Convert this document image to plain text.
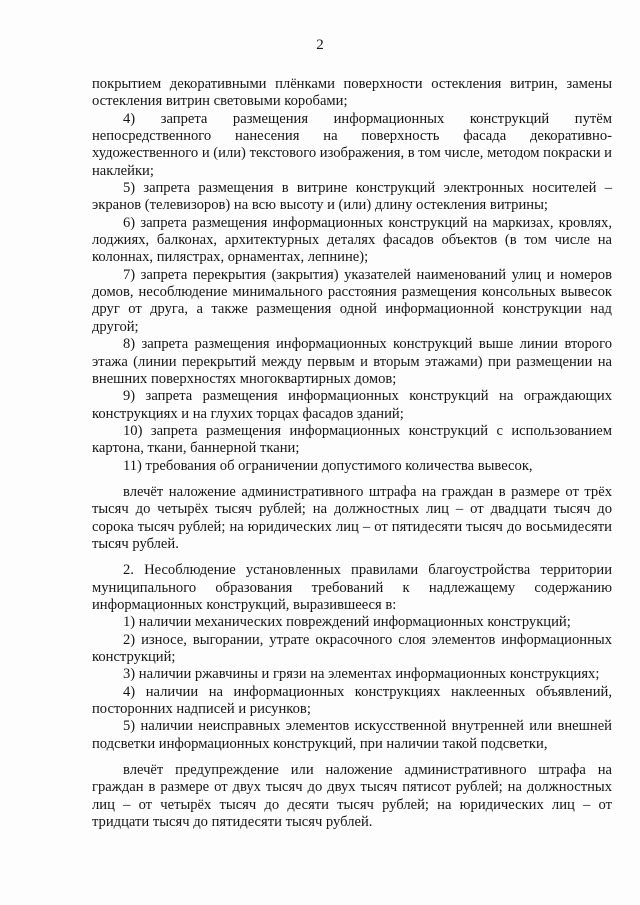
2

покрытием декоративными плёнками поверхности остекления витрин, замены остекления витрин световыми коробами;

4) запрета размещения информационных конструкций путём непосредственного нанесения на поверхность фасада декоративно-художественного и (или) текстового изображения, в том числе, методом покраски и наклейки;

5) запрета размещения в витрине конструкций электронных носителей – экранов (телевизоров) на всю высоту и (или) длину остекления витрины;

6) запрета размещения информационных конструкций на маркизах, кровлях, лоджиях, балконах, архитектурных деталях фасадов объектов (в том числе на колоннах, пилястрах, орнаментах, лепнине);

7) запрета перекрытия (закрытия) указателей наименований улиц и номеров домов, несоблюдение минимального расстояния размещения консольных вывесок друг от друга, а также размещения одной информационной конструкции над другой;

8) запрета размещения информационных конструкций выше линии второго этажа (линии перекрытий между первым и вторым этажами) при размещении на внешних поверхностях многоквартирных домов;

9) запрета размещения информационных конструкций на ограждающих конструкциях и на глухих торцах фасадов зданий;

10) запрета размещения информационных конструкций с использованием картона, ткани, баннерной ткани;

11) требования об ограничении допустимого количества вывесок,

влечёт наложение административного штрафа на граждан в размере от трёх тысяч до четырёх тысяч рублей; на должностных лиц – от двадцати тысяч до сорока тысяч рублей; на юридических лиц – от пятидесяти тысяч до восьмидесяти тысяч рублей.

2. Несоблюдение установленных правилами благоустройства территории муниципального образования требований к надлежащему содержанию информационных конструкций, выразившееся в:

1) наличии механических повреждений информационных конструкций;

2) износе, выгорании, утрате окрасочного слоя элементов информационных конструкций;

3) наличии ржавчины и грязи на элементах информационных конструкциях;

4) наличии на информационных конструкциях наклеенных объявлений, посторонних надписей и рисунков;

5) наличии неисправных элементов искусственной внутренней или внешней подсветки информационных конструкций, при наличии такой подсветки,

влечёт предупреждение или наложение административного штрафа на граждан в размере от двух тысяч до двух тысяч пятисот рублей; на должностных лиц – от четырёх тысяч до десяти тысяч рублей; на юридических лиц – от тридцати тысяч до пятидесяти тысяч рублей.
